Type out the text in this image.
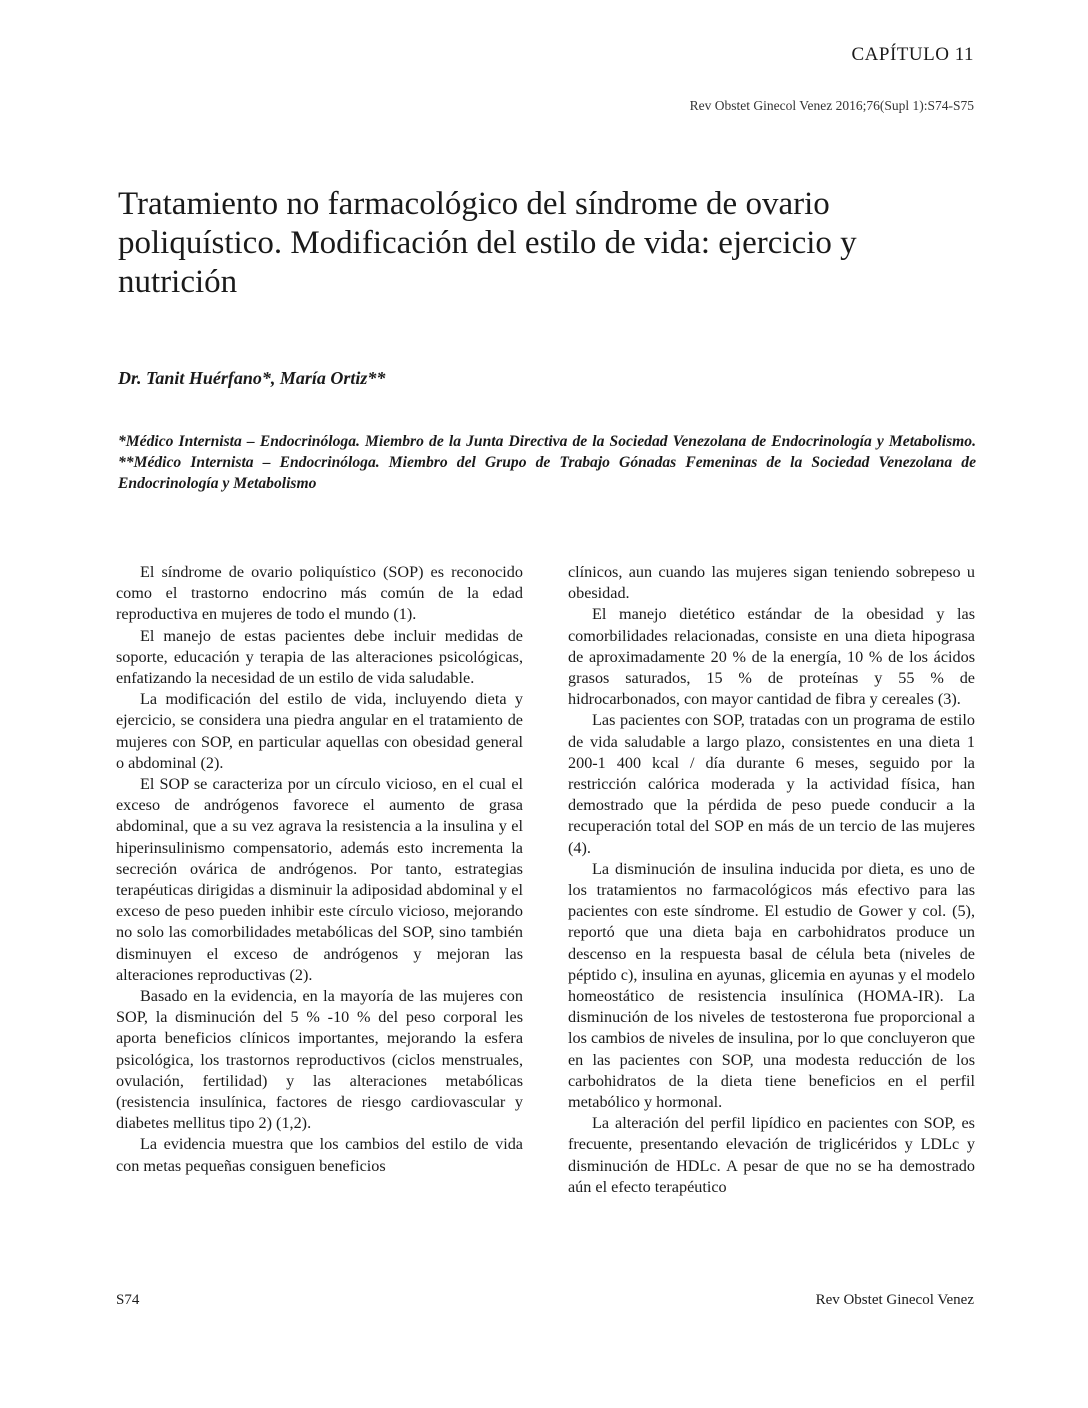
CAPÍTULO 11
Rev Obstet Ginecol Venez 2016;76(Supl 1):S74-S75
Tratamiento no farmacológico del síndrome de ovario poliquístico. Modificación del estilo de vida: ejercicio y nutrición
Dr. Tanit Huérfano*, María Ortiz**

*Médico Internista – Endocrinóloga. Miembro de la Junta Directiva de la Sociedad Venezolana de Endocrinología y Metabolismo. **Médico Internista – Endocrinóloga. Miembro del Grupo de Trabajo Gónadas Femeninas de la Sociedad Venezolana de Endocrinología y Metabolismo

El síndrome de ovario poliquístico (SOP) es reconocido como el trastorno endocrino más común de la edad reproductiva en mujeres de todo el mundo (1).

El manejo de estas pacientes debe incluir medidas de soporte, educación y terapia de las alteraciones psicológicas, enfatizando la necesidad de un estilo de vida saludable.

La modificación del estilo de vida, incluyendo dieta y ejercicio, se considera una piedra angular en el tratamiento de mujeres con SOP, en particular aquellas con obesidad general o abdominal (2).

El SOP se caracteriza por un círculo vicioso, en el cual el exceso de andrógenos favorece el aumento de grasa abdominal, que a su vez agrava la resistencia a la insulina y el hiperinsulinismo compensatorio, además esto incrementa la secreción ovárica de andrógenos. Por tanto, estrategias terapéuticas dirigidas a disminuir la adiposidad abdominal y el exceso de peso pueden inhibir este círculo vicioso, mejorando no solo las comorbilidades metabólicas del SOP, sino también disminuyen el exceso de andrógenos y mejoran las alteraciones reproductivas (2).

Basado en la evidencia, en la mayoría de las mujeres con SOP, la disminución del 5 % -10 % del peso corporal les aporta beneficios clínicos importantes, mejorando la esfera psicológica, los trastornos reproductivos (ciclos menstruales, ovulación, fertilidad) y las alteraciones metabólicas (resistencia insulínica, factores de riesgo cardiovascular y diabetes mellitus tipo 2) (1,2).

La evidencia muestra que los cambios del estilo de vida con metas pequeñas consiguen beneficios

clínicos, aun cuando las mujeres sigan teniendo sobrepeso u obesidad.

El manejo dietético estándar de la obesidad y las comorbilidades relacionadas, consiste en una dieta hipograsa de aproximadamente 20 % de la energía, 10 % de los ácidos grasos saturados, 15 % de proteínas y 55 % de hidrocarbonados, con mayor cantidad de fibra y cereales (3).

Las pacientes con SOP, tratadas con un programa de estilo de vida saludable a largo plazo, consistentes en una dieta 1 200-1 400 kcal / día durante 6 meses, seguido por la restricción calórica moderada y la actividad física, han demostrado que la pérdida de peso puede conducir a la recuperación total del SOP en más de un tercio de las mujeres (4).

La disminución de insulina inducida por dieta, es uno de los tratamientos no farmacológicos más efectivo para las pacientes con este síndrome. El estudio de Gower y col. (5), reportó que una dieta baja en carbohidratos produce un descenso en la respuesta basal de célula beta (niveles de péptido c), insulina en ayunas, glicemia en ayunas y el modelo homeostático de resistencia insulínica (HOMA-IR). La disminución de los niveles de testosterona fue proporcional a los cambios de niveles de insulina, por lo que concluyeron que en las pacientes con SOP, una modesta reducción de los carbohidratos de la dieta tiene beneficios en el perfil metabólico y hormonal.

La alteración del perfil lipídico en pacientes con SOP, es frecuente, presentando elevación de triglicéridos y LDLc y disminución de HDLc. A pesar de que no se ha demostrado aún el efecto terapéutico

S74	Rev Obstet Ginecol Venez
